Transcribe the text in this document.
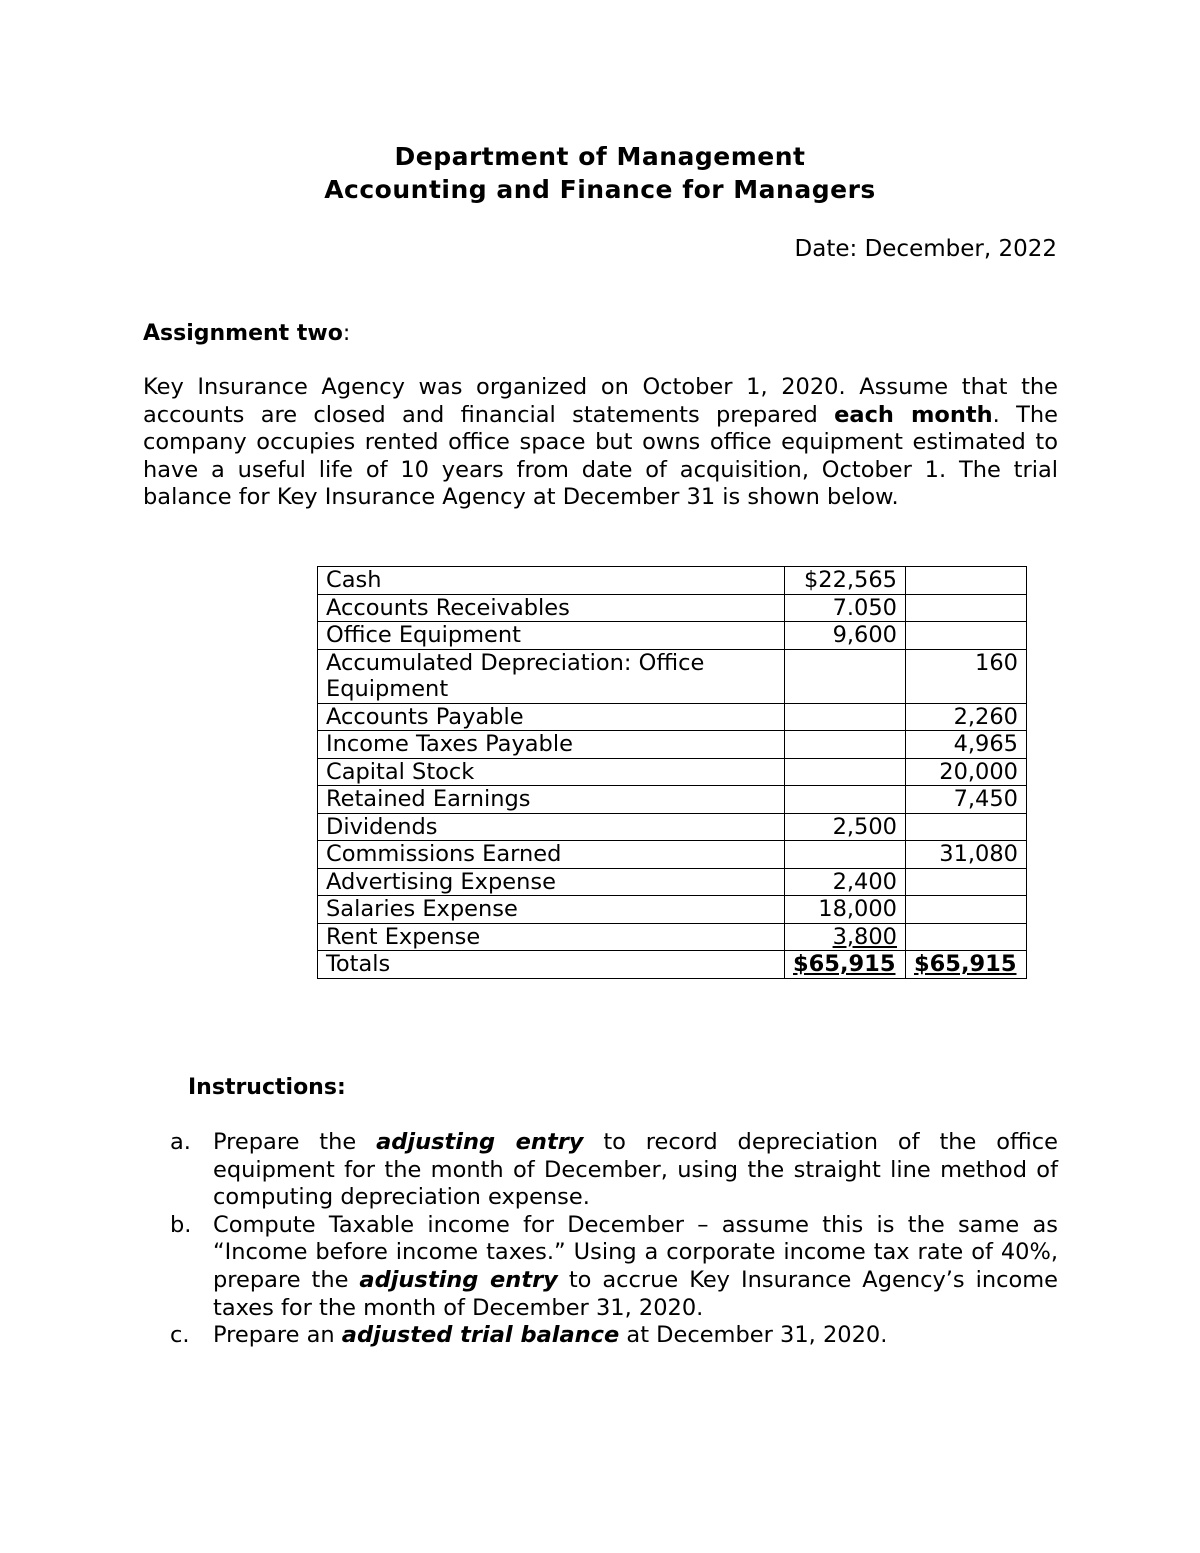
Department of Management
Accounting and Finance for Managers
Date: December, 2022
Assignment two:
Key Insurance Agency was organized on October 1, 2020. Assume that the accounts are closed and financial statements prepared each month. The company occupies rented office space but owns office equipment estimated to have a useful life of 10 years from date of acquisition, October 1. The trial balance for Key Insurance Agency at December 31 is shown below.
Cash	$22,565	
Accounts Receivables	7.050	
Office Equipment	9,600	
Accumulated Depreciation: Office Equipment		160
Accounts Payable		2,260
Income Taxes Payable		4,965
Capital Stock		20,000
Retained Earnings		7,450
Dividends	2,500	
Commissions Earned		31,080
Advertising Expense	2,400	
Salaries Expense	18,000	
Rent Expense	3,800	
Totals	$65,915	$65,915
Instructions:
a. Prepare the adjusting entry to record depreciation of the office equipment for the month of December, using the straight line method of computing depreciation expense.
b. Compute Taxable income for December – assume this is the same as “Income before income taxes.” Using a corporate income tax rate of 40%, prepare the adjusting entry to accrue Key Insurance Agency’s income taxes for the month of December 31, 2020.
c. Prepare an adjusted trial balance at December 31, 2020.
